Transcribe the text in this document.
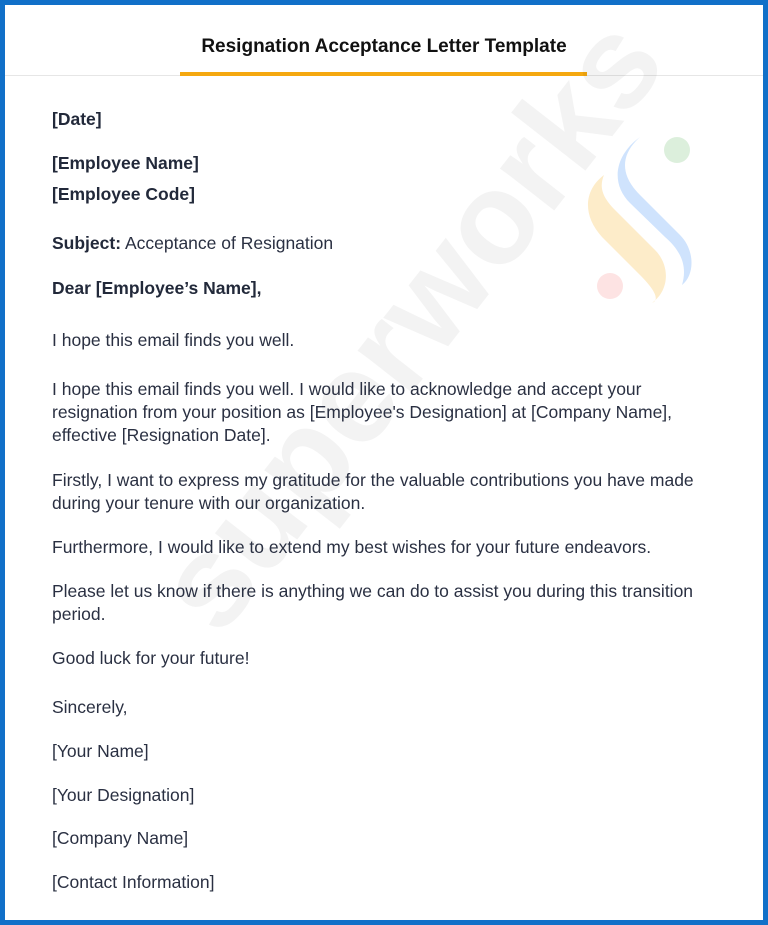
Resignation Acceptance Letter Template

[Date]

[Employee Name]

[Employee Code]

Subject: Acceptance of Resignation

Dear [Employee’s Name],

I hope this email finds you well.

I hope this email finds you well. I would like to acknowledge and accept your resignation from your position as [Employee's Designation] at [Company Name], effective [Resignation Date].

Firstly, I want to express my gratitude for the valuable contributions you have made during your tenure with our organization.

Furthermore, I would like to extend my best wishes for your future endeavors.

Please let us know if there is anything we can do to assist you during this transition period.

Good luck for your future!

Sincerely,

[Your Name]

[Your Designation]

[Company Name]

[Contact Information]
